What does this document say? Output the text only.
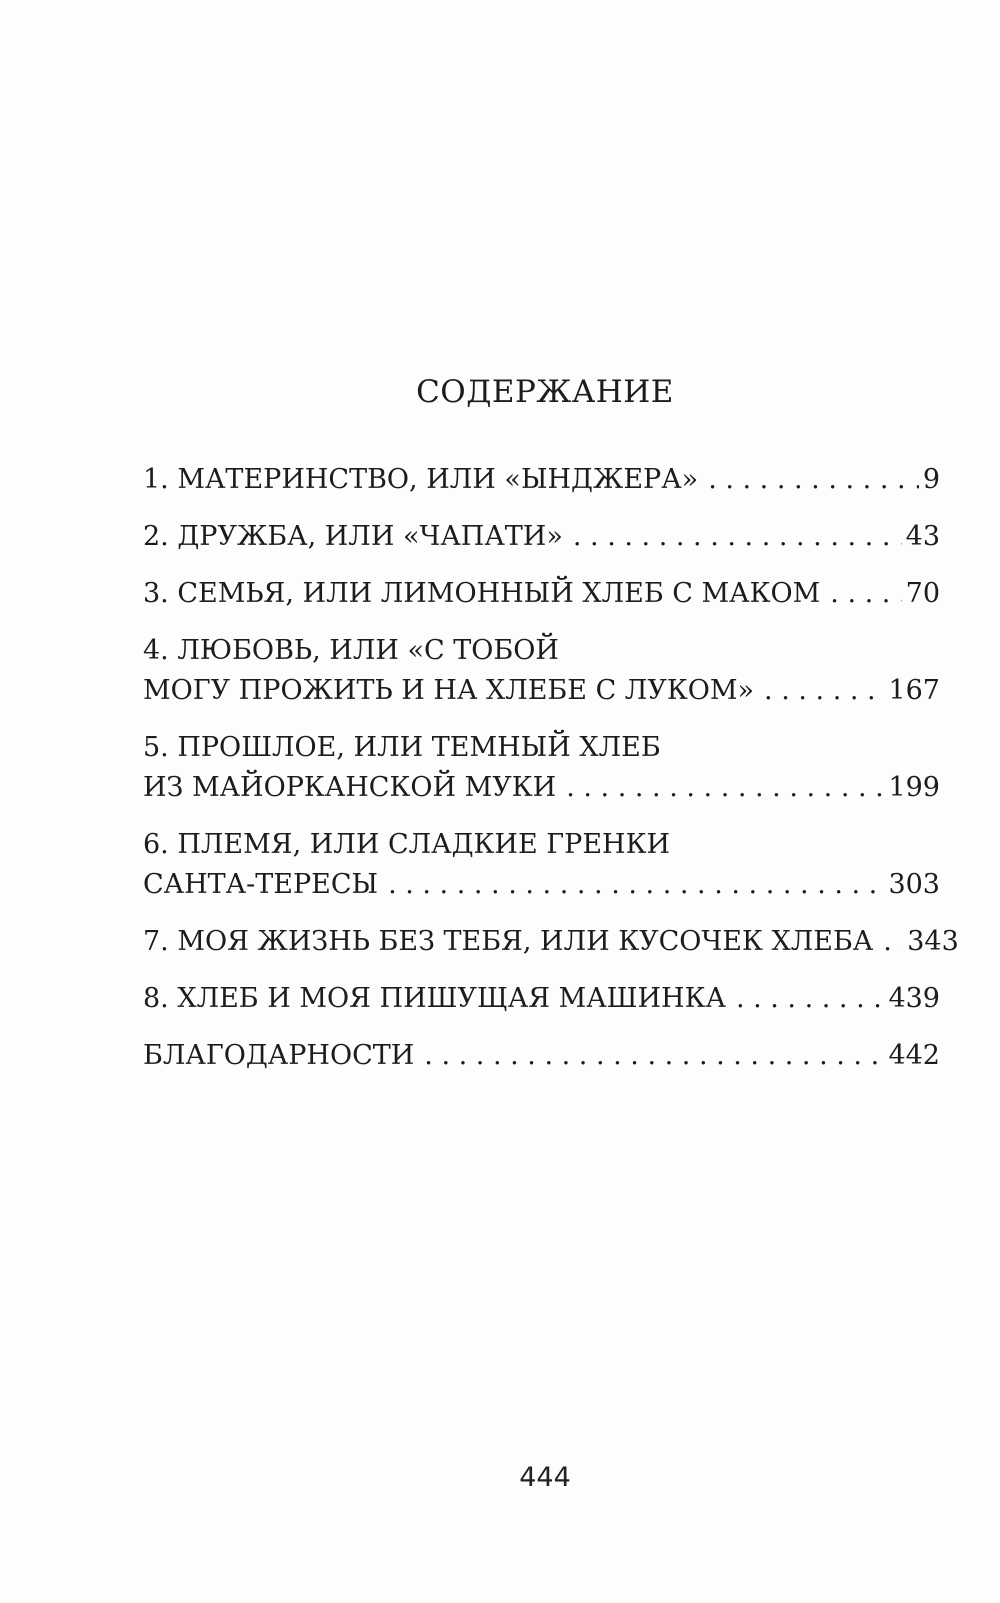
СОДЕРЖАНИЕ
1. МАТЕРИНСТВО, ИЛИ «ЫНДЖЕРА» . . .	9
2. ДРУЖБА, ИЛИ «ЧАПАТИ» . . .	43
3. СЕМЬЯ, ИЛИ ЛИМОННЫЙ ХЛЕБ С МАКОМ . . .	70
4. ЛЮБОВЬ, ИЛИ «С ТОБОЙ
МОГУ ПРОЖИТЬ И НА ХЛЕБЕ С ЛУКОМ» . . .	167
5. ПРОШЛОЕ, ИЛИ ТЕМНЫЙ ХЛЕБ
ИЗ МАЙОРКАНСКОЙ МУКИ . . .	199
6. ПЛЕМЯ, ИЛИ СЛАДКИЕ ГРЕНКИ
САНТА-ТЕРЕСЫ . . .	303
7. МОЯ ЖИЗНЬ БЕЗ ТЕБЯ, ИЛИ КУСОЧЕК ХЛЕБА . . . 343
8. ХЛЕБ И МОЯ ПИШУЩАЯ МАШИНКА . . .	439
БЛАГОДАРНОСТИ . . .	442
444
